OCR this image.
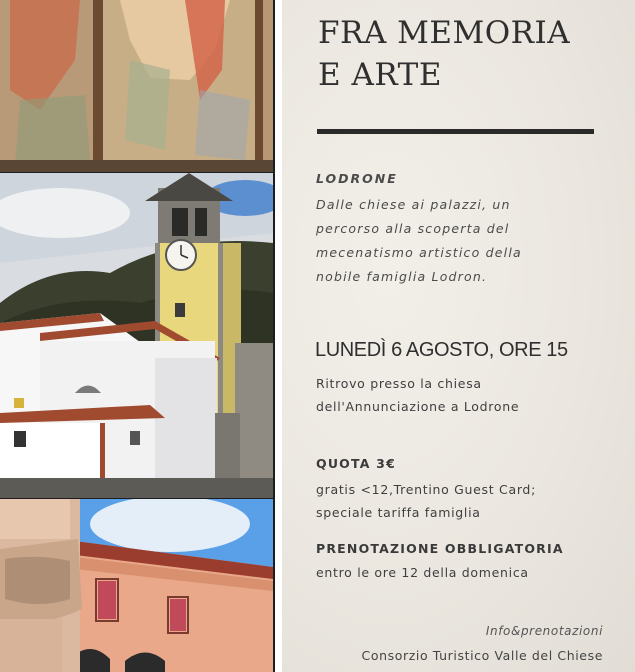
FRA MEMORIA
E ARTE

LODRONE

Dalle chiese ai palazzi, un
percorso alla scoperta del
mecenatismo artistico della
nobile famiglia Lodron.

LUNEDÌ 6 AGOSTO, ORE 15

Ritrovo presso la chiesa
dell'Annunciazione a Lodrone

QUOTA 3€

gratis <12,Trentino Guest Card;
speciale tariffa famiglia

PRENOTAZIONE OBBLIGATORIA

entro le ore 12 della domenica

Info&prenotazioni

Consorzio Turistico Valle del Chiese
